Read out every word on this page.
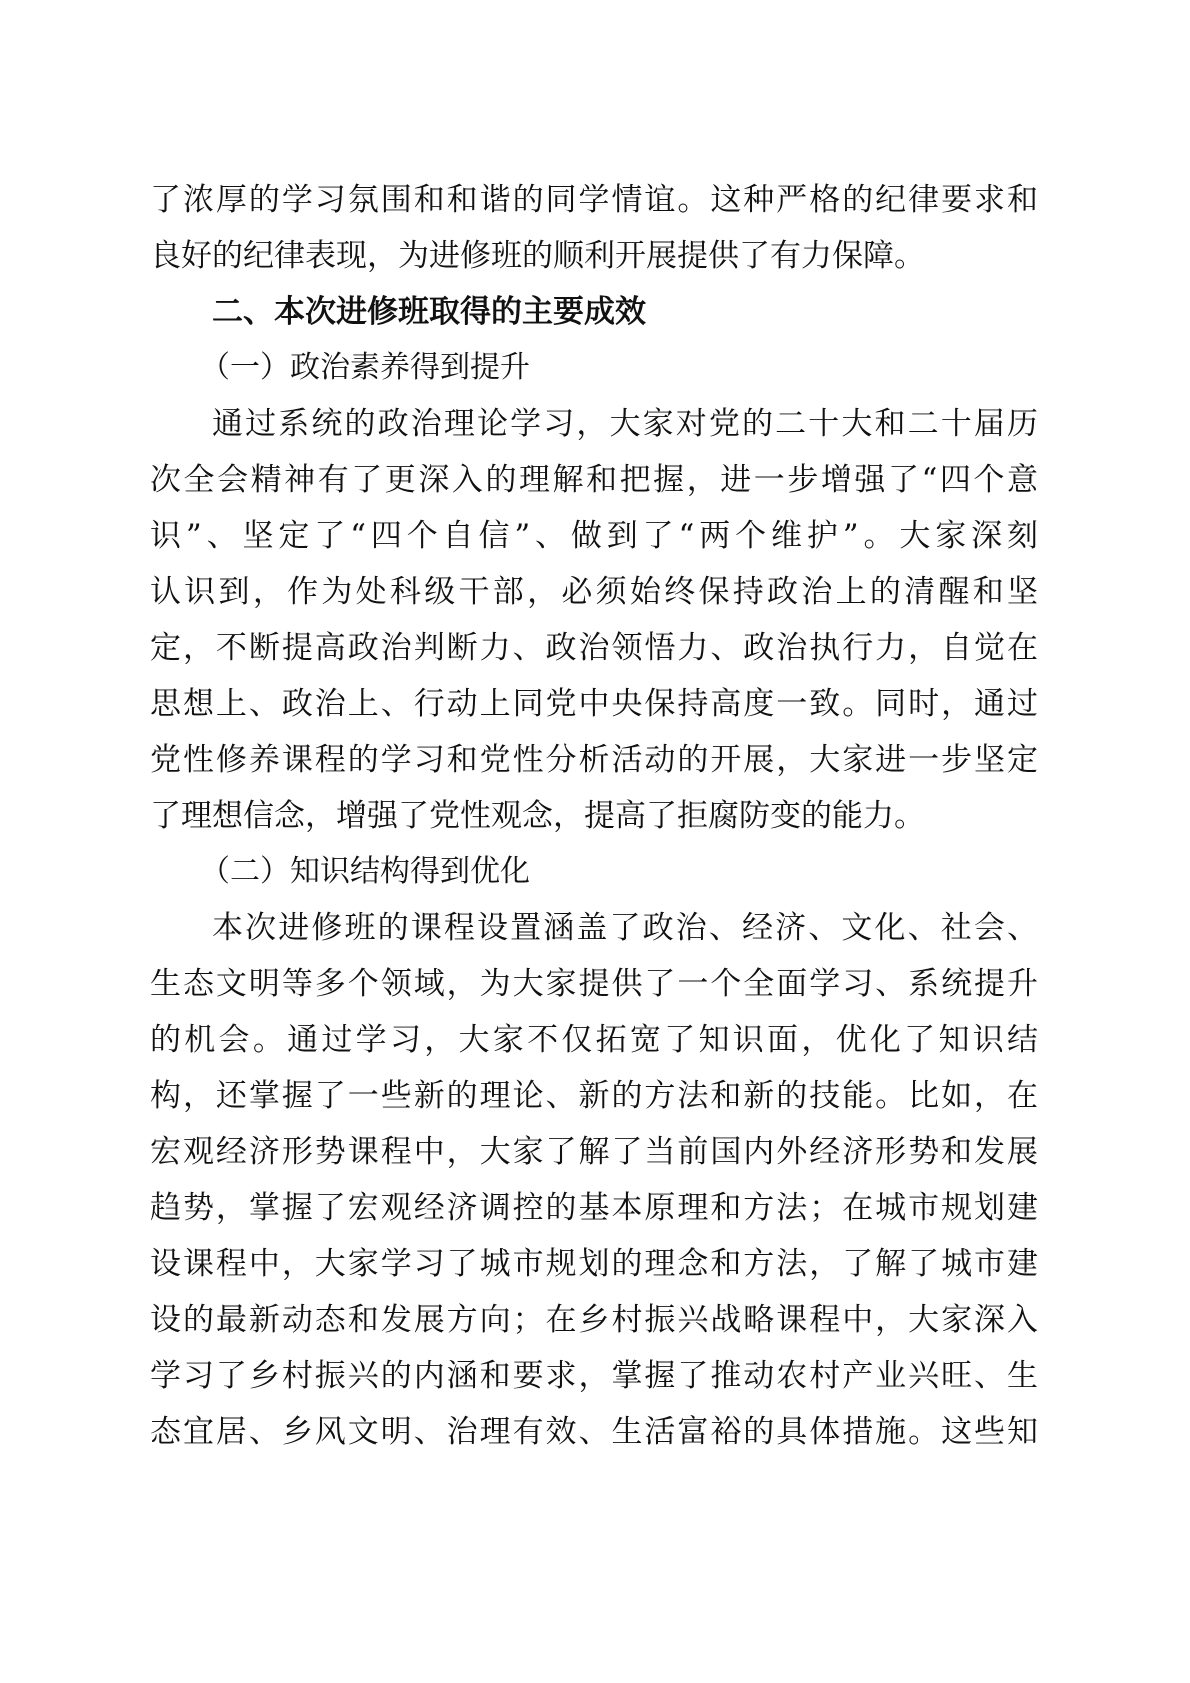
了浓厚的学习氛围和和谐的同学情谊。这种严格的纪律要求和
良好的纪律表现，为进修班的顺利开展提供了有力保障。
二、本次进修班取得的主要成效
（一）政治素养得到提升
通过系统的政治理论学习，大家对党的二十大和二十届历
次全会精神有了更深入的理解和把握，进一步增强了“四个意
识”、坚定了“四个自信”、做到了“两个维护”。大家深刻
认识到，作为处科级干部，必须始终保持政治上的清醒和坚
定，不断提高政治判断力、政治领悟力、政治执行力，自觉在
思想上、政治上、行动上同党中央保持高度一致。同时，通过
党性修养课程的学习和党性分析活动的开展，大家进一步坚定
了理想信念，增强了党性观念，提高了拒腐防变的能力。
（二）知识结构得到优化
本次进修班的课程设置涵盖了政治、经济、文化、社会、
生态文明等多个领域，为大家提供了一个全面学习、系统提升
的机会。通过学习，大家不仅拓宽了知识面，优化了知识结
构，还掌握了一些新的理论、新的方法和新的技能。比如，在
宏观经济形势课程中，大家了解了当前国内外经济形势和发展
趋势，掌握了宏观经济调控的基本原理和方法；在城市规划建
设课程中，大家学习了城市规划的理念和方法，了解了城市建
设的最新动态和发展方向；在乡村振兴战略课程中，大家深入
学习了乡村振兴的内涵和要求，掌握了推动农村产业兴旺、生
态宜居、乡风文明、治理有效、生活富裕的具体措施。这些知
